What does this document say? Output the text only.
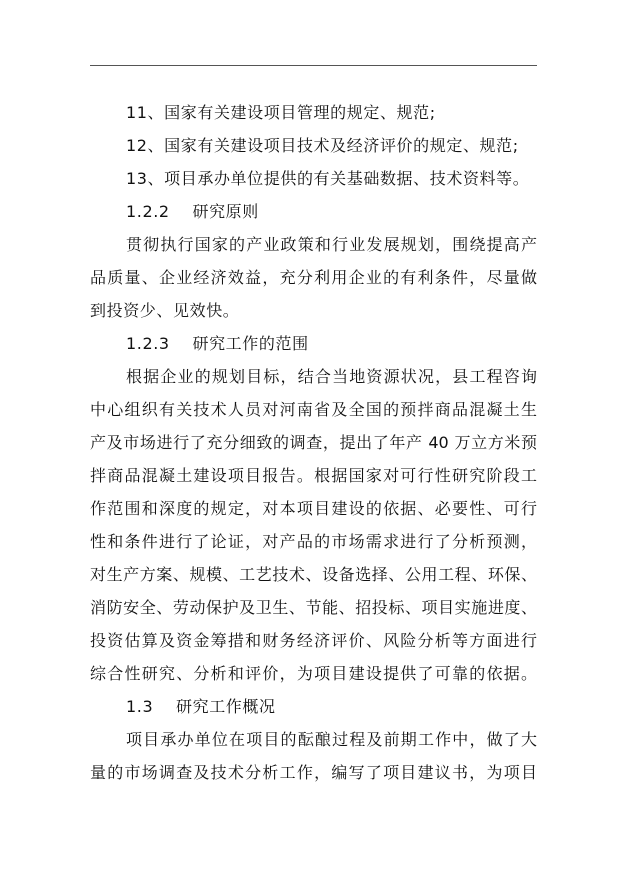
11、国家有关建设项目管理的规定、规范;
12、国家有关建设项目技术及经济评价的规定、规范;
13、项目承办单位提供的有关基础数据、技术资料等。
1.2.2 研究原则
贯彻执行国家的产业政策和行业发展规划，围绕提高产
品质量、企业经济效益，充分利用企业的有利条件，尽量做
到投资少、见效快。
1.2.3 研究工作的范围
根据企业的规划目标，结合当地资源状况，县工程咨询
中心组织有关技术人员对河南省及全国的预拌商品混凝土生
产及市场进行了充分细致的调查，提出了年产 40 万立方米预
拌商品混凝土建设项目报告。根据国家对可行性研究阶段工
作范围和深度的规定，对本项目建设的依据、必要性、可行
性和条件进行了论证，对产品的市场需求进行了分析预测，
对生产方案、规模、工艺技术、设备选择、公用工程、环保、
消防安全、劳动保护及卫生、节能、招投标、项目实施进度、
投资估算及资金筹措和财务经济评价、风险分析等方面进行
综合性研究、分析和评价，为项目建设提供了可靠的依据。
1.3 研究工作概况
项目承办单位在项目的酝酿过程及前期工作中，做了大
量的市场调查及技术分析工作，编写了项目建议书，为项目
